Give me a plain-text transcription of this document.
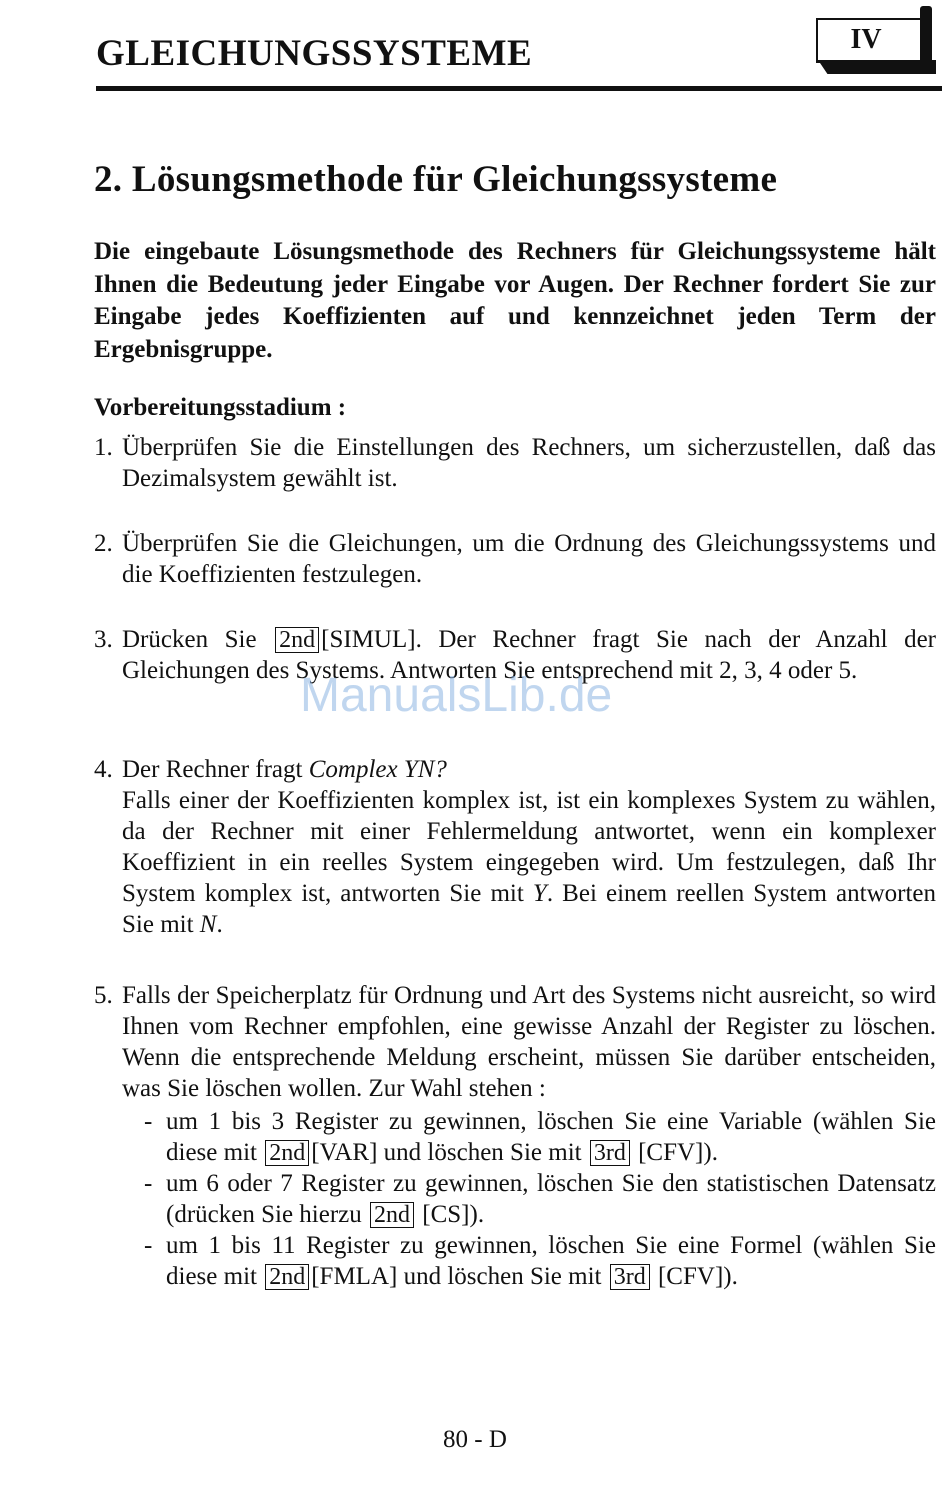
GLEICHUNGSSYSTEME	IV
2. Lösungsmethode für Gleichungssysteme
Die eingebaute Lösungsmethode des Rechners für Gleichungssysteme hält Ihnen die Bedeutung jeder Eingabe vor Augen. Der Rechner fordert Sie zur Eingabe jedes Koeffizienten auf und kennzeichnet jeden Term der Ergebnisgruppe.
Vorbereitungsstadium :
1. Überprüfen Sie die Einstellungen des Rechners, um sicherzustellen, daß das Dezimalsystem gewählt ist.
2. Überprüfen Sie die Gleichungen, um die Ordnung des Gleichungssystems und die Koeffizienten festzulegen.
3. Drücken Sie 2nd [SIMUL]. Der Rechner fragt Sie nach der Anzahl der Gleichungen des Systems. Antworten Sie entsprechend mit 2, 3, 4 oder 5.
4. Der Rechner fragt Complex YN?
Falls einer der Koeffizienten komplex ist, ist ein komplexes System zu wählen, da der Rechner mit einer Fehlermeldung antwortet, wenn ein komplexer Koeffizient in ein reelles System eingegeben wird. Um festzulegen, daß Ihr System komplex ist, antworten Sie mit Y. Bei einem reellen System antworten Sie mit N.
5. Falls der Speicherplatz für Ordnung und Art des Systems nicht ausreicht, so wird Ihnen vom Rechner empfohlen, eine gewisse Anzahl der Register zu löschen. Wenn die entsprechende Meldung erscheint, müssen Sie darüber entscheiden, was Sie löschen wollen. Zur Wahl stehen :
- um 1 bis 3 Register zu gewinnen, löschen Sie eine Variable (wählen Sie diese mit 2nd [VAR] und löschen Sie mit 3rd [CFV]).
- um 6 oder 7 Register zu gewinnen, löschen Sie den statistischen Datensatz (drücken Sie hierzu 2nd [CS]).
- um 1 bis 11 Register zu gewinnen, löschen Sie eine Formel (wählen Sie diese mit 2nd [FMLA] und löschen Sie mit 3rd [CFV]).
ManualsLib.de
80 - D
